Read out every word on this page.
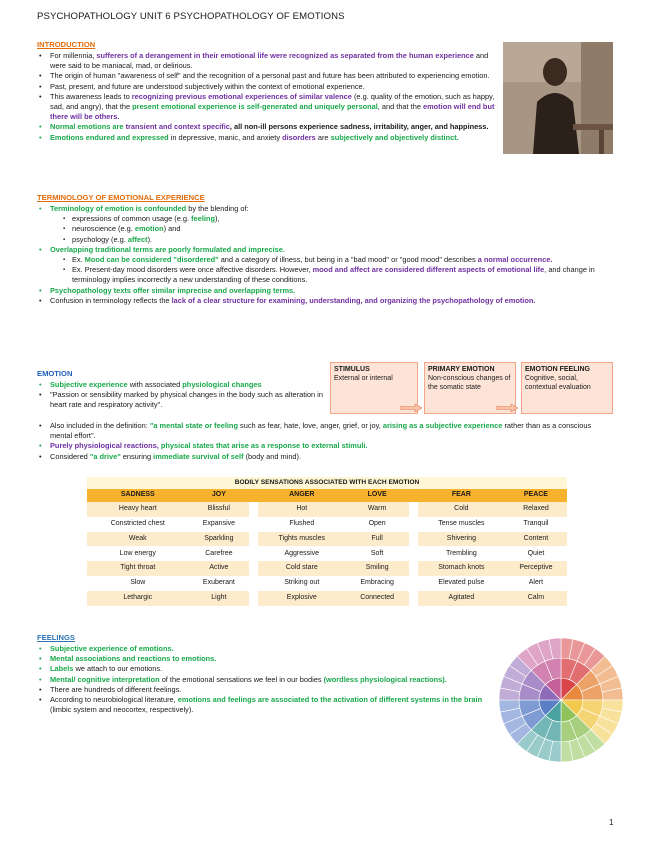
PSYCHOPATHOLOGY UNIT 6 PSYCHOPATHOLOGY OF EMOTIONS
INTRODUCTION
• For millennia, sufferers of a derangement in their emotional life were recognized as separated from the human experience and were said to be maniacal, mad, or delirious.
• The origin of human "awareness of self" and the recognition of a personal past and future has been attributed to experiencing emotion.
• Past, present, and future are understood subjectively within the context of emotional experience.
• This awareness leads to recognizing previous emotional experiences of similar valence (e.g. quality of the emotion, such as happy, sad, and angry), that the present emotional experience is self-generated and uniquely personal, and that the emotion will end but there will be others.
• Normal emotions are transient and context specific, all non-ill persons experience sadness, irritability, anger, and happiness.
• Emotions endured and expressed in depressive, manic, and anxiety disorders are subjectively and objectively distinct.
TERMINOLOGY OF EMOTIONAL EXPERIENCE
• Terminology of emotion is confounded by the blending of:
▪ expressions of common usage (e.g. feeling),
▪ neuroscience (e.g. emotion) and
▪ psychology (e.g. affect).
• Overlapping traditional terms are poorly formulated and imprecise.
▪ Ex. Mood can be considered "disordered" and a category of illness, but being in a "bad mood" or "good mood" describes a normal occurrence.
▪ Ex. Present-day mood disorders were once affective disorders. However, mood and affect are considered different aspects of emotional life, and change in terminology implies incorrectly a new understanding of these conditions.
• Psychopathology texts offer similar imprecise and overlapping terms.
• Confusion in terminology reflects the lack of a clear structure for examining, understanding, and organizing the psychopathology of emotion.
EMOTION
• Subjective experience with associated physiological changes
• "Passion or sensibility marked by physical changes in the body such as alteration in heart rate and respiratory activity".
• Also included in the definition: "a mental state or feeling such as fear, hate, love, anger, grief, or joy, arising as a subjective experience rather than as a conscious mental effort".
• Purely physiological reactions, physical states that arise as a response to external stimuli.
• Considered "a drive" ensuring immediate survival of self (body and mind).
STIMULUS
External or internal
PRIMARY EMOTION
Non-conscious changes of the somatic state
EMOTION FEELING
Cognitive, social, contextual evaluation
BODILY SENSATIONS ASSOCIATED WITH EACH EMOTION							
SADNESS	JOY		ANGER	LOVE		FEAR	PEACE
Heavy heart	Blissful		Hot	Warm		Cold	Relaxed
Constricted chest	Expansive		Flushed	Open		Tense muscles	Tranquil
Weak	Sparkling		Tights muscles	Full		Shivering	Content
Low energy	Carefree		Aggressive	Soft		Trembling	Quiet
Tight throat	Active		Cold stare	Smiling		Stomach knots	Perceptive
Slow	Exuberant		Striking out	Embracing		Elevated pulse	Alert
Lethargic	Light		Explosive	Connected		Agitated	Calm
FEELINGS
• Subjective experience of emotions.
• Mental associations and reactions to emotions.
• Labels we attach to our emotions.
• Mental/ cognitive interpretation of the emotional sensations we feel in our bodies (wordless physiological reactions).
• There are hundreds of different feelings.
• According to neurobiological literature, emotions and feelings are associated to the activation of different systems in the brain (limbic system and neocortex, respectively).
1
